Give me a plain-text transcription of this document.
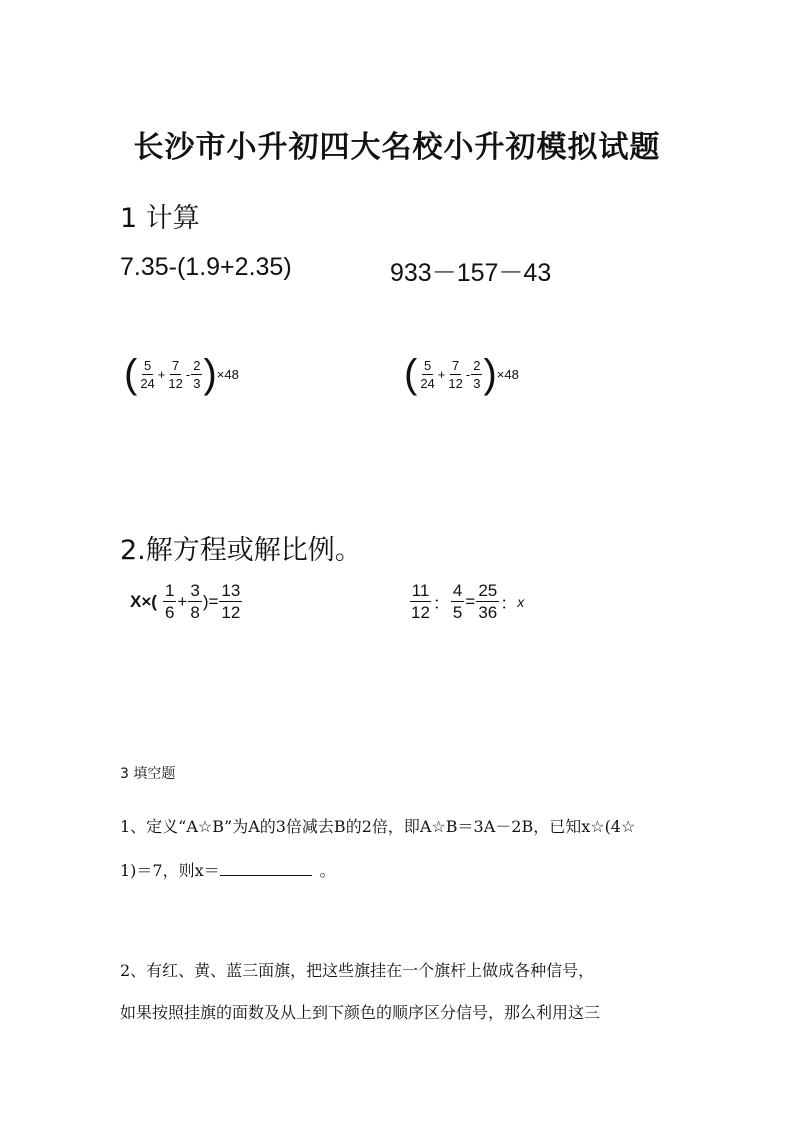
长沙市小升初四大名校小升初模拟试题
1 计算
7.35-(1.9+2.35)	933－157－43
( $\frac{5}{24} + \frac{7}{12} - \frac{2}{3}$ ) ×48	( $\frac{5}{24} + \frac{7}{12} - \frac{2}{3}$ ) ×48
2.解方程或解比例。
$X\times( \frac{1}{6} + \frac{3}{8}$ )= $\frac{13}{12}$	$\frac{11}{12}$ ： $\frac{4}{5} = \frac{25}{36}$ ： x
3 填空题
1、定义“A☆B”为A的3倍减去B的2倍，即A☆B＝3A－2B，已知x☆(4☆
1)＝7，则x＝	。
2、有红、黄、蓝三面旗，把这些旗挂在一个旗杆上做成各种信号，
如果按照挂旗的面数及从上到下颜色的顺序区分信号，那么利用这三
